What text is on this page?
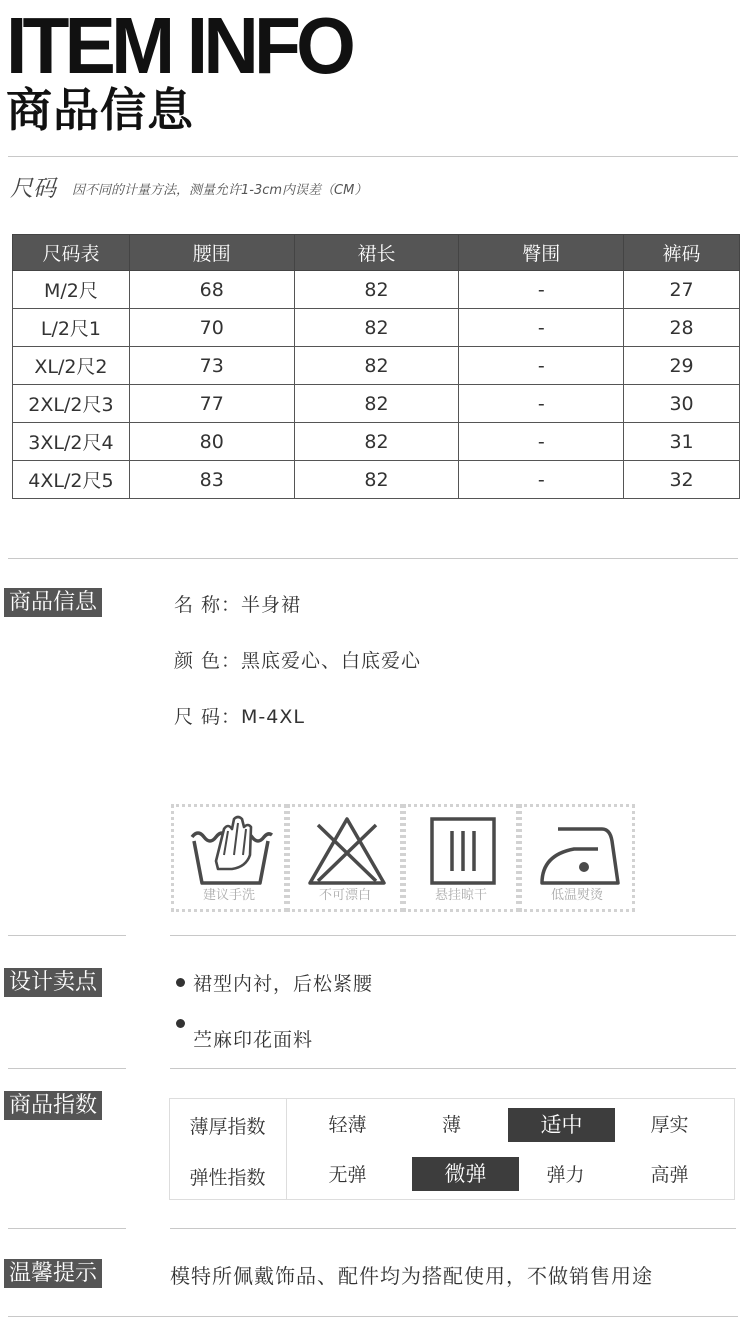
ITEM INFO
商品信息
尺码 因不同的计量方法，测量允许1-3cm内误差（CM）
尺码表	腰围	裙长	臀围	裤码
M/2尺	68	82	-	27
L/2尺1	70	82	-	28
XL/2尺2	73	82	-	29
2XL/2尺3	77	82	-	30
3XL/2尺4	80	82	-	31
4XL/2尺5	83	82	-	32
商品信息	名 称：半身裙
颜 色：黑底爱心、白底爱心
尺 码：M-4XL
建议手洗	不可漂白	悬挂晾干	低温熨烫
设计卖点	裙型内衬，后松紧腰
苎麻印花面料
商品指数
薄厚指数	轻薄	薄	适中	厚实
弹性指数	无弹	微弹	弹力	高弹
温馨提示	模特所佩戴饰品、配件均为搭配使用，不做销售用途
